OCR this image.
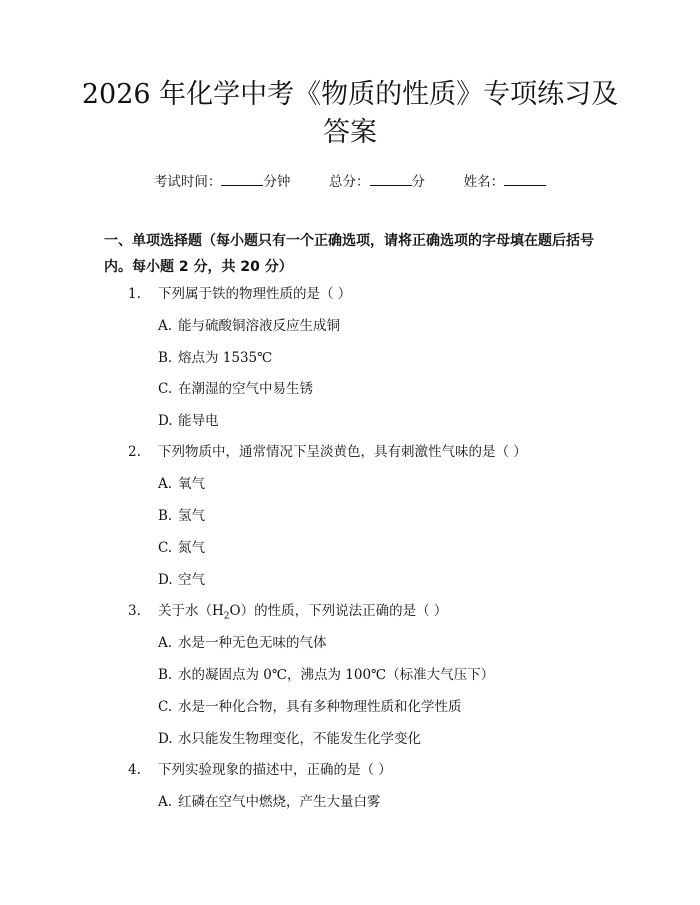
2026 年化学中考《物质的性质》专项练习及
答案
考试时间：	分钟	总分：	分	姓名：
一、单项选择题（每小题只有一个正确选项，请将正确选项的字母填在题后括号内。每小题 2 分，共 20 分）
1. 下列属于铁的物理性质的是（ ）
A. 能与硫酸铜溶液反应生成铜
B. 熔点为 1535℃
C. 在潮湿的空气中易生锈
D. 能导电
2. 下列物质中，通常情况下呈淡黄色，具有刺激性气味的是（ ）
A. 氧气
B. 氢气
C. 氮气
D. 空气
3. 关于水$(H_2O)$的性质，下列说法正确的是（ ）
A. 水是一种无色无味的气体
B. 水的凝固点为 0℃，沸点为 100℃（标准大气压下）
C. 水是一种化合物，具有多种物理性质和化学性质
D. 水只能发生物理变化，不能发生化学变化
4. 下列实验现象的描述中，正确的是（ ）
A. 红磷在空气中燃烧，产生大量白雾
